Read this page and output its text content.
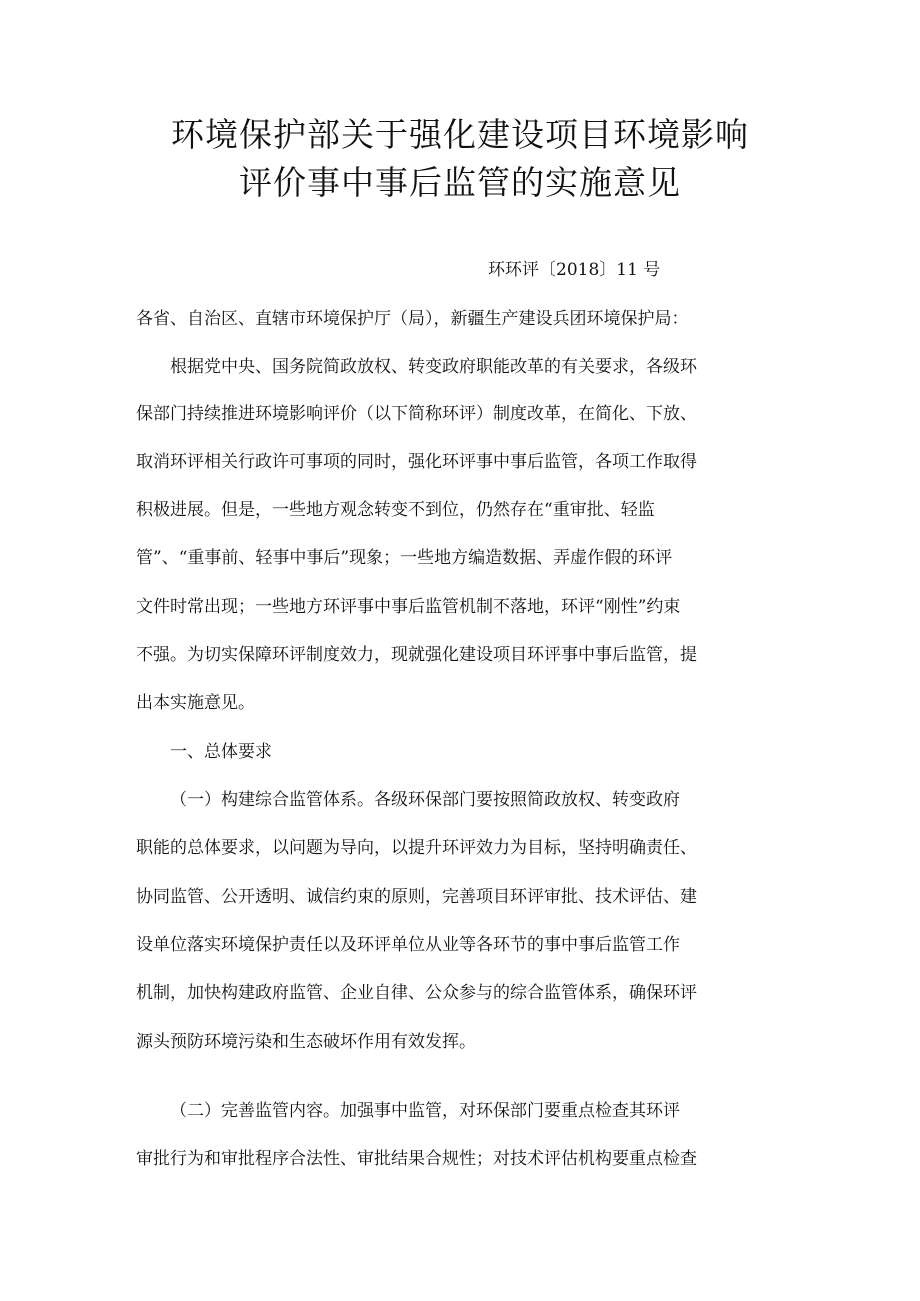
环境保护部关于强化建设项目环境影响
评价事中事后监管的实施意见
环环评〔2018〕11 号
各省、自治区、直辖市环境保护厅（局），新疆生产建设兵团环境保护局：
根据党中央、国务院简政放权、转变政府职能改革的有关要求，各级环
保部门持续推进环境影响评价（以下简称环评）制度改革，在简化、下放、
取消环评相关行政许可事项的同时，强化环评事中事后监管，各项工作取得
积极进展。但是，一些地方观念转变不到位，仍然存在“重审批、轻监
管”、“重事前、轻事中事后”现象；一些地方编造数据、弄虚作假的环评
文件时常出现；一些地方环评事中事后监管机制不落地，环评“刚性”约束
不强。为切实保障环评制度效力，现就强化建设项目环评事中事后监管，提
出本实施意见。
一、总体要求
（一）构建综合监管体系。各级环保部门要按照简政放权、转变政府
职能的总体要求，以问题为导向，以提升环评效力为目标，坚持明确责任、
协同监管、公开透明、诚信约束的原则，完善项目环评审批、技术评估、建
设单位落实环境保护责任以及环评单位从业等各环节的事中事后监管工作
机制，加快构建政府监管、企业自律、公众参与的综合监管体系，确保环评
源头预防环境污染和生态破坏作用有效发挥。
（二）完善监管内容。加强事中监管，对环保部门要重点检查其环评
审批行为和审批程序合法性、审批结果合规性；对技术评估机构要重点检查
